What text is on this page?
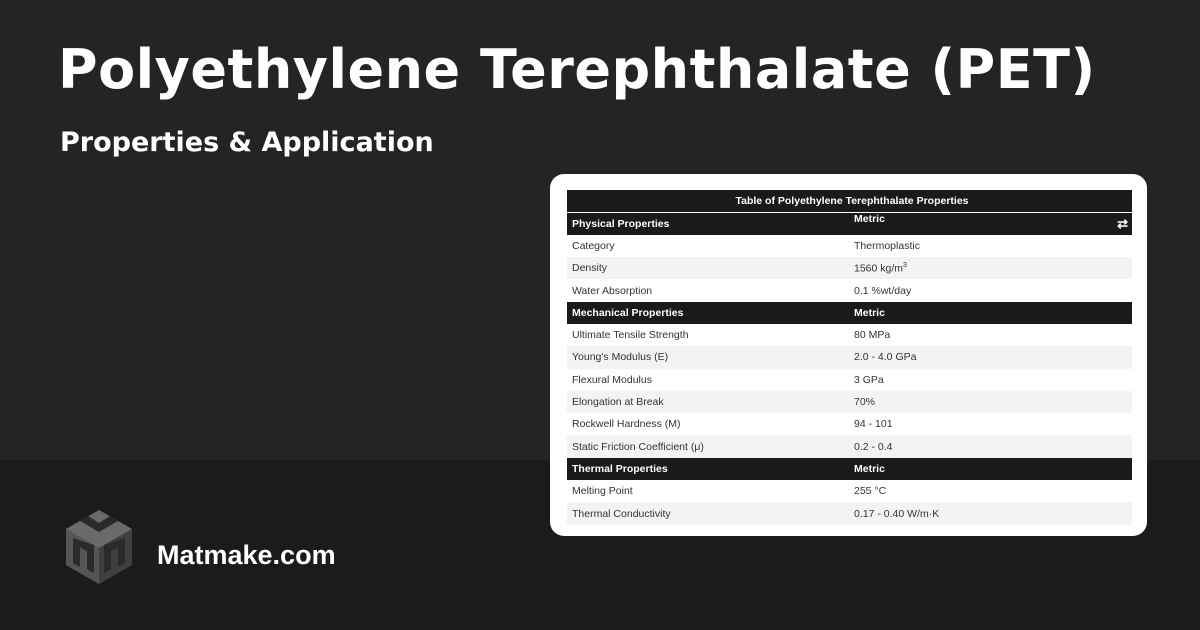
Polyethylene Terephthalate (PET)
Properties & Application
Table of Polyethylene Terephthalate Properties	
Physical Properties	Metric ⇄

Category	Thermoplastic
Density	1560 $kg/m^3$
Water Absorption	0.1 %wt/day
Mechanical Properties	Metric
Ultimate Tensile Strength	80 MPa
Young's Modulus (E)	2.0 - 4.0 GPa
Flexural Modulus	3 GPa
Elongation at Break	70%
Rockwell Hardness (M)	94 - 101
Static Friction Coefficient (μ)	0.2 - 0.4
Thermal Properties	Metric
Melting Point	255 °C
Thermal Conductivity	0.17 - 0.40 W/m·K
Matmake.com
